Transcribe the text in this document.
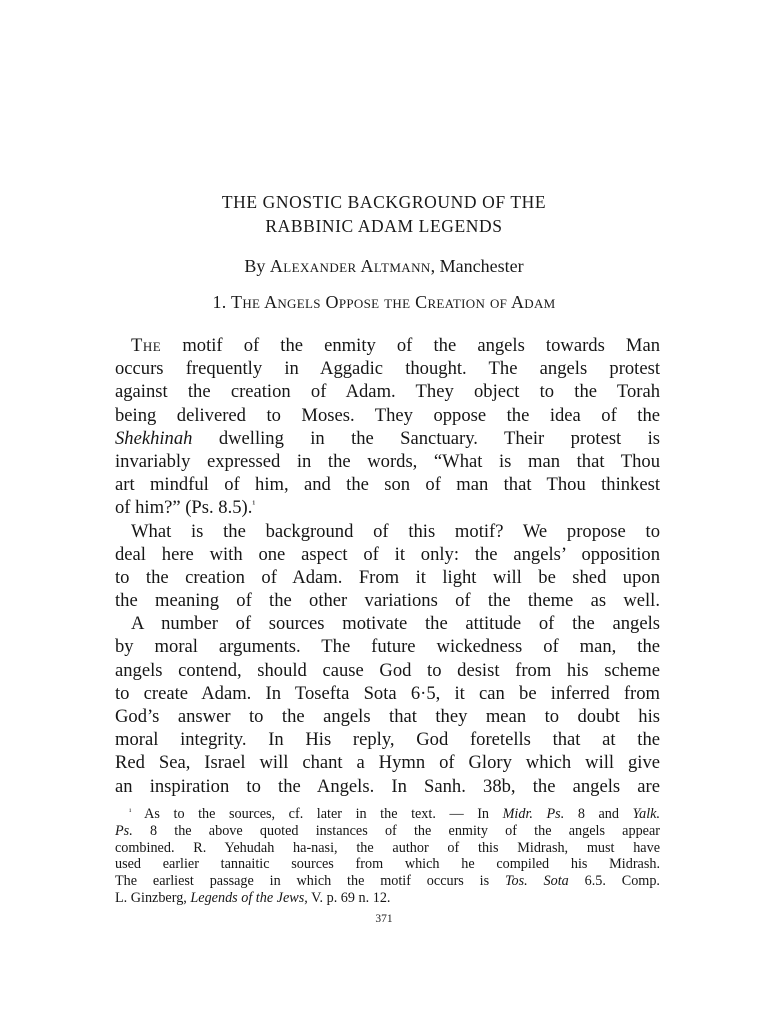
THE GNOSTIC BACKGROUND OF THE
RABBINIC ADAM LEGENDS
By Alexander Altmann, Manchester
1. The Angels Oppose the Creation of Adam
The motif of the enmity of the angels towards Man
occurs frequently in Aggadic thought. The angels protest
against the creation of Adam. They object to the Torah
being delivered to Moses. They oppose the idea of the
Shekhinah dwelling in the Sanctuary. Their protest is
invariably expressed in the words, “What is man that Thou
art mindful of him, and the son of man that Thou thinkest
of him?” (Ps. 8.5).$^{^1}$
What is the background of this motif? We propose to
deal here with one aspect of it only: the angels’ opposition
to the creation of Adam. From it light will be shed upon
the meaning of the other variations of the theme as well.
A number of sources motivate the attitude of the angels
by moral arguments. The future wickedness of man, the
angels contend, should cause God to desist from his scheme
to create Adam. In Tosefta Sota 6·5, it can be inferred from
God’s answer to the angels that they mean to doubt his
moral integrity. In His reply, God foretells that at the
Red Sea, Israel will chant a Hymn of Glory which will give
an inspiration to the Angels. In Sanh. 38b, the angels are
$^{^1}$ As to the sources, cf. later in the text. — In Midr. Ps. 8 and Yalk.
Ps. 8 the above quoted instances of the enmity of the angels appear
combined. R. Yehudah ha-nasi, the author of this Midrash, must have
used earlier tannaitic sources from which he compiled his Midrash.
The earliest passage in which the motif occurs is Tos. Sota 6.5. Comp.
L. Ginzberg, Legends of the Jews, V. p. 69 n. 12.
371
